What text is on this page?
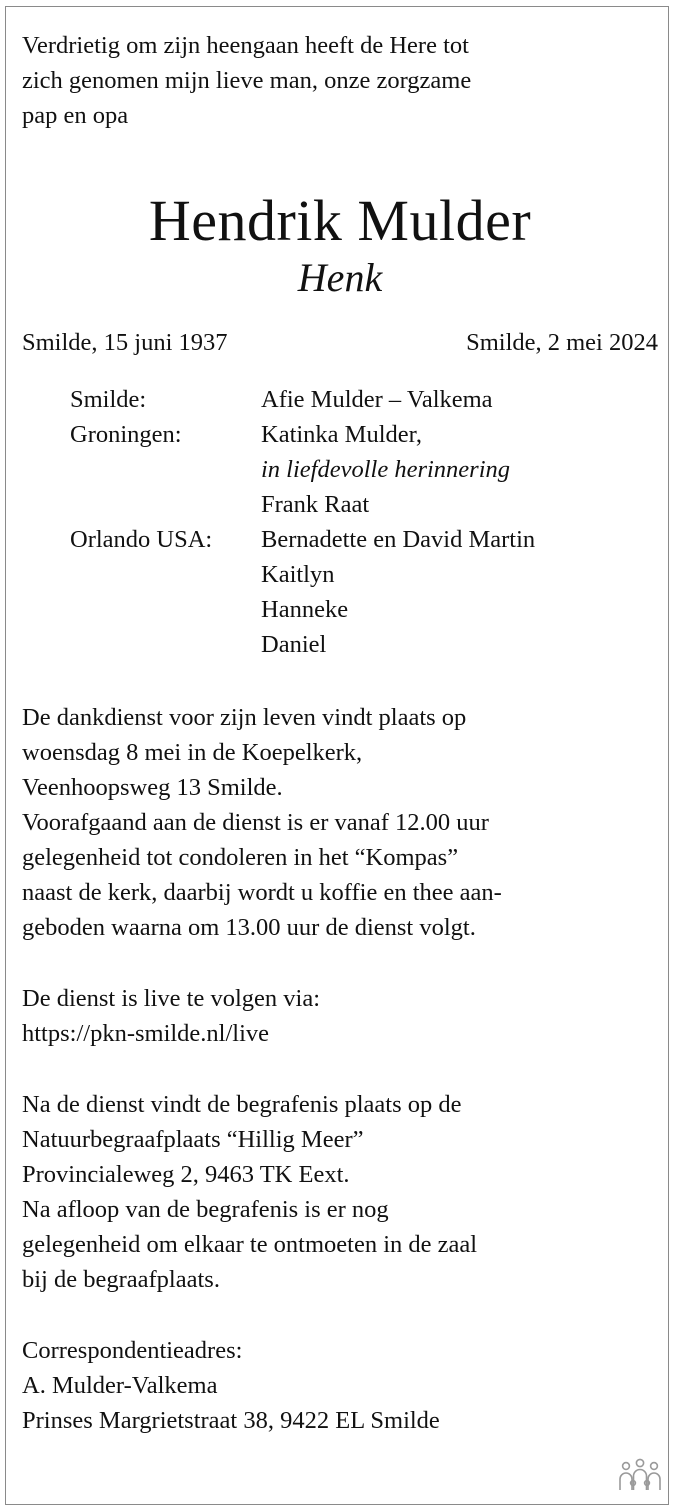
Verdrietig om zijn heengaan heeft de Here tot
zich genomen mijn lieve man, onze zorgzame
pap en opa
Hendrik Mulder
Henk
Smilde, 15 juni 1937	Smilde, 2 mei 2024
Smilde:	Afie Mulder – Valkema
Groningen:	Katinka Mulder,
in liefdevolle herinnering
Frank Raat
Orlando USA:	Bernadette en David Martin
Kaitlyn
Hanneke
Daniel
De dankdienst voor zijn leven vindt plaats op
woensdag 8 mei in de Koepelkerk,
Veenhoopsweg 13 Smilde.
Voorafgaand aan de dienst is er vanaf 12.00 uur
gelegenheid tot condoleren in het “Kompas”
naast de kerk, daarbij wordt u koffie en thee aan-
geboden waarna om 13.00 uur de dienst volgt.
De dienst is live te volgen via:
https://pkn-smilde.nl/live
Na de dienst vindt de begrafenis plaats op de
Natuurbegraafplaats “Hillig Meer”
Provincialeweg 2, 9463 TK Eext.
Na afloop van de begrafenis is er nog
gelegenheid om elkaar te ontmoeten in de zaal
bij de begraafplaats.
Correspondentieadres:
A. Mulder-Valkema
Prinses Margrietstraat 38, 9422 EL Smilde
